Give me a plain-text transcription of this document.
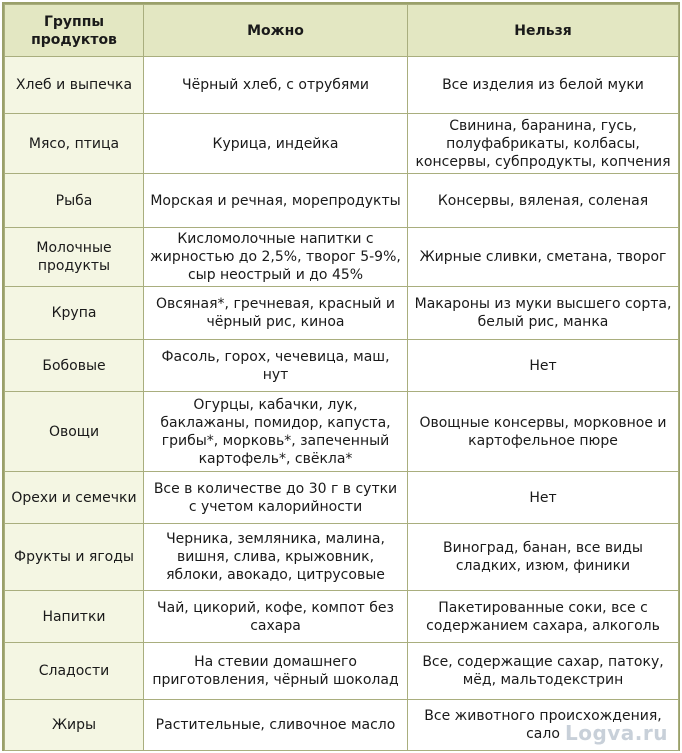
Группы продуктов	Можно	Нельзя
Хлеб и выпечка	Чёрный хлеб, с отрубями	Все изделия из белой муки
Мясо, птица	Курица, индейка	Свинина, баранина, гусь, полуфабрикаты, колбасы, консервы, субпродукты, копчения
Рыба	Морская и речная, морепродукты	Консервы, вяленая, соленая
Молочные продукты	Кисломолочные напитки с жирностью до 2,5%, творог 5-9%, сыр неострый и до 45%	Жирные сливки, сметана, творог
Крупа	Овсяная*, гречневая, красный и чёрный рис, киноа	Макароны из муки высшего сорта, белый рис, манка
Бобовые	Фасоль, горох, чечевица, маш, нут	Нет
Овощи	Огурцы, кабачки, лук, баклажаны, помидор, капуста, грибы*, морковь*, запеченный картофель*, свёкла*	Овощные консервы, морковное и картофельное пюре
Орехи и семечки	Все в количестве до 30 г в сутки с учетом калорийности	Нет
Фрукты и ягоды	Черника, земляника, малина, вишня, слива, крыжовник, яблоки, авокадо, цитрусовые	Виноград, банан, все виды сладких, изюм, финики
Напитки	Чай, цикорий, кофе, компот без сахара	Пакетированные соки, все с содержанием сахара, алкоголь
Сладости	На стевии домашнего приготовления, чёрный шоколад	Все, содержащие сахар, патоку, мёд, мальтодекстрин
Жиры	Растительные, сливочное масло	Все животного происхождения, сало Logva.ru
